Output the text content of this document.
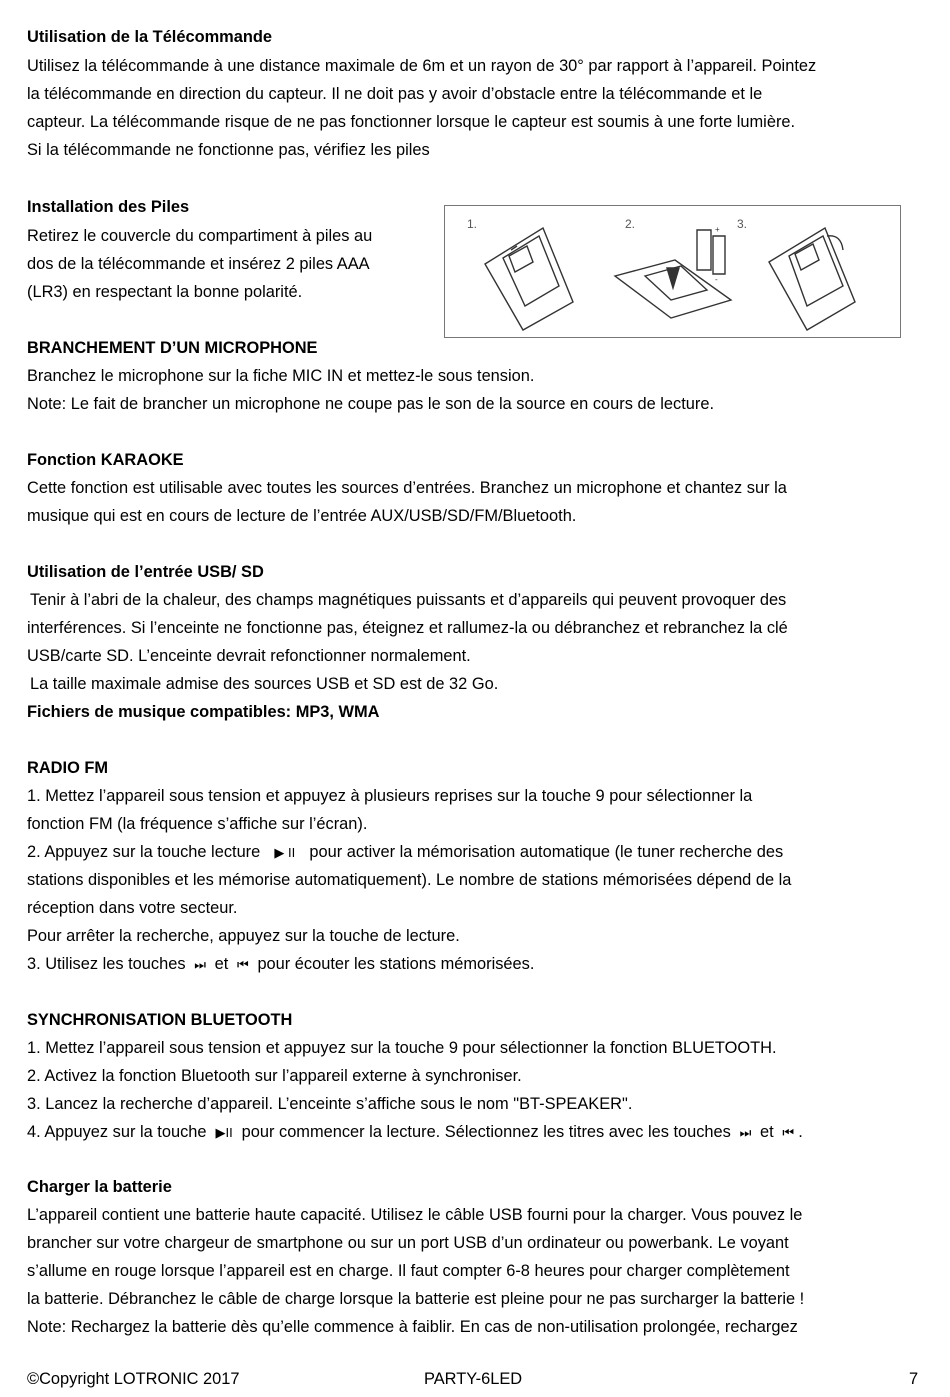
Utilisation de la Télécommande
Utilisez la télécommande à une distance maximale de 6m et un rayon de 30° par rapport à l’appareil. Pointez
la télécommande en direction du capteur. Il ne doit pas y avoir d’obstacle entre la télécommande et le
capteur. La télécommande risque de ne pas fonctionner lorsque le capteur est soumis à une forte lumière.
Si la télécommande ne fonctionne pas, vérifiez les piles
Installation des Piles
Retirez le couvercle du compartiment à piles au
dos de la télécommande et insérez 2 piles AAA
(LR3) en respectant la bonne polarité.
1.	2.	3.
+
-
BRANCHEMENT D’UN MICROPHONE
Branchez le microphone sur la fiche MIC IN et mettez-le sous tension.
Note: Le fait de brancher un microphone ne coupe pas le son de la source en cours de lecture.
Fonction KARAOKE
Cette fonction est utilisable avec toutes les sources d’entrées. Branchez un microphone et chantez sur la
musique qui est en cours de lecture de l’entrée AUX/USB/SD/FM/Bluetooth.
Utilisation de l’entrée USB/ SD
Tenir à l’abri de la chaleur, des champs magnétiques puissants et d’appareils qui peuvent provoquer des
interférences. Si l’enceinte ne fonctionne pas, éteignez et rallumez-la ou débranchez et rebranchez la clé
USB/carte SD. L’enceinte devrait refonctionner normalement.
La taille maximale admise des sources USB et SD est de 32 Go.
Fichiers de musique compatibles: MP3, WMA
RADIO FM
1. Mettez l’appareil sous tension et appuyez à plusieurs reprises sur la touche 9 pour sélectionner la
fonction FM (la fréquence s’affiche sur l’écran).
2. Appuyez sur la touche lecture ▶ II pour activer la mémorisation automatique (le tuner recherche des
stations disponibles et les mémorise automatiquement). Le nombre de stations mémorisées dépend de la
réception dans votre secteur.
Pour arrêter la recherche, appuyez sur la touche de lecture.
3. Utilisez les touches ⏭ et ⏮ pour écouter les stations mémorisées.
SYNCHRONISATION BLUETOOTH
1. Mettez l’appareil sous tension et appuyez sur la touche 9 pour sélectionner la fonction BLUETOOTH.
2. Activez la fonction Bluetooth sur l’appareil externe à synchroniser.
3. Lancez la recherche d’appareil. L’enceinte s’affiche sous le nom "BT-SPEAKER".
4. Appuyez sur la touche ▶II pour commencer la lecture. Sélectionnez les titres avec les touches ⏭ et ⏮ .
Charger la batterie
L’appareil contient une batterie haute capacité. Utilisez le câble USB fourni pour la charger. Vous pouvez le
brancher sur votre chargeur de smartphone ou sur un port USB d’un ordinateur ou powerbank. Le voyant
s’allume en rouge lorsque l’appareil est en charge. Il faut compter 6-8 heures pour charger complètement
la batterie. Débranchez le câble de charge lorsque la batterie est pleine pour ne pas surcharger la batterie !
Note: Rechargez la batterie dès qu’elle commence à faiblir. En cas de non-utilisation prolongée, rechargez
©Copyright LOTRONIC 2017	PARTY-6LED	7
